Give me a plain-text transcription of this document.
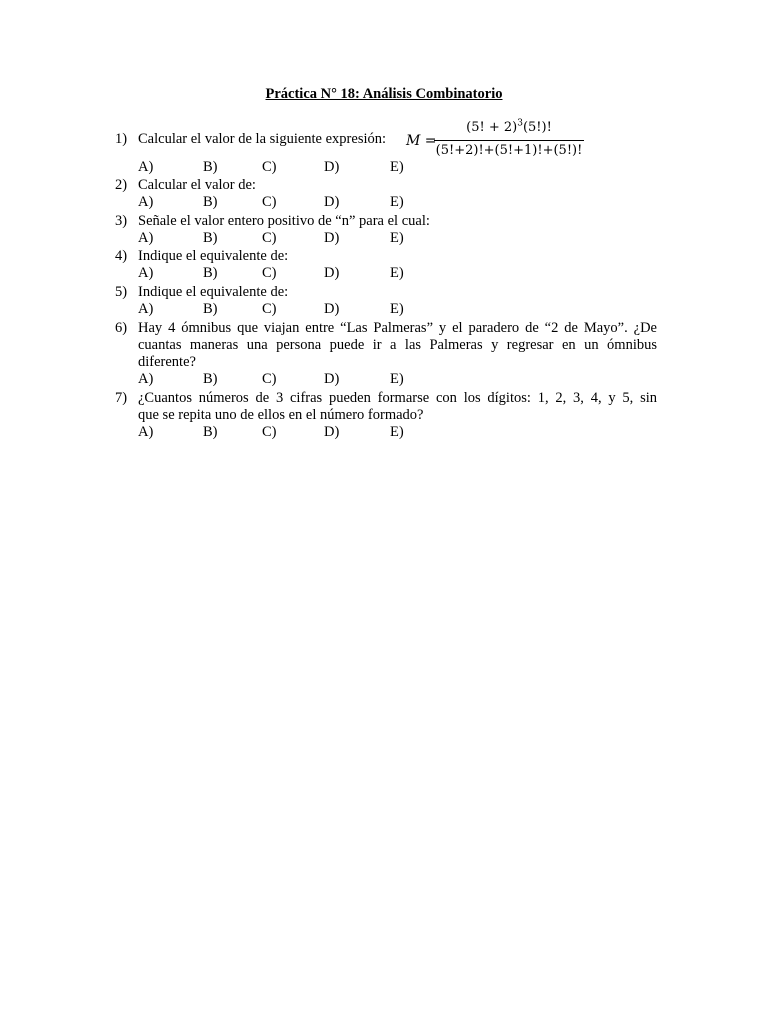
Práctica N° 18: Análisis Combinatorio
1) Calcular el valor de la siguiente expresión:	M =
(5! + 2)$^3$(5!)!
(5!+2)!+(5!+1)!+(5!)!
A)	B)	C)	D)	E)
2) Calcular el valor de:
A)	B)	C)	D)	E)
3) Señale el valor entero positivo de “n” para el cual:
A)	B)	C)	D)	E)
4) Indique el equivalente de:
A)	B)	C)	D)	E)
5) Indique el equivalente de:
A)	B)	C)	D)	E)
6) Hay 4 ómnibus que viajan entre “Las Palmeras” y el paradero de “2 de Mayo”. ¿De
cuantas maneras una persona puede ir a las Palmeras y regresar en un ómnibus
diferente?
A)	B)	C)	D)	E)
7) ¿Cuantos números de 3 cifras pueden formarse con los dígitos: 1, 2, 3, 4, y 5, sin
que se repita uno de ellos en el número formado?
A)	B)	C)	D)	E)
